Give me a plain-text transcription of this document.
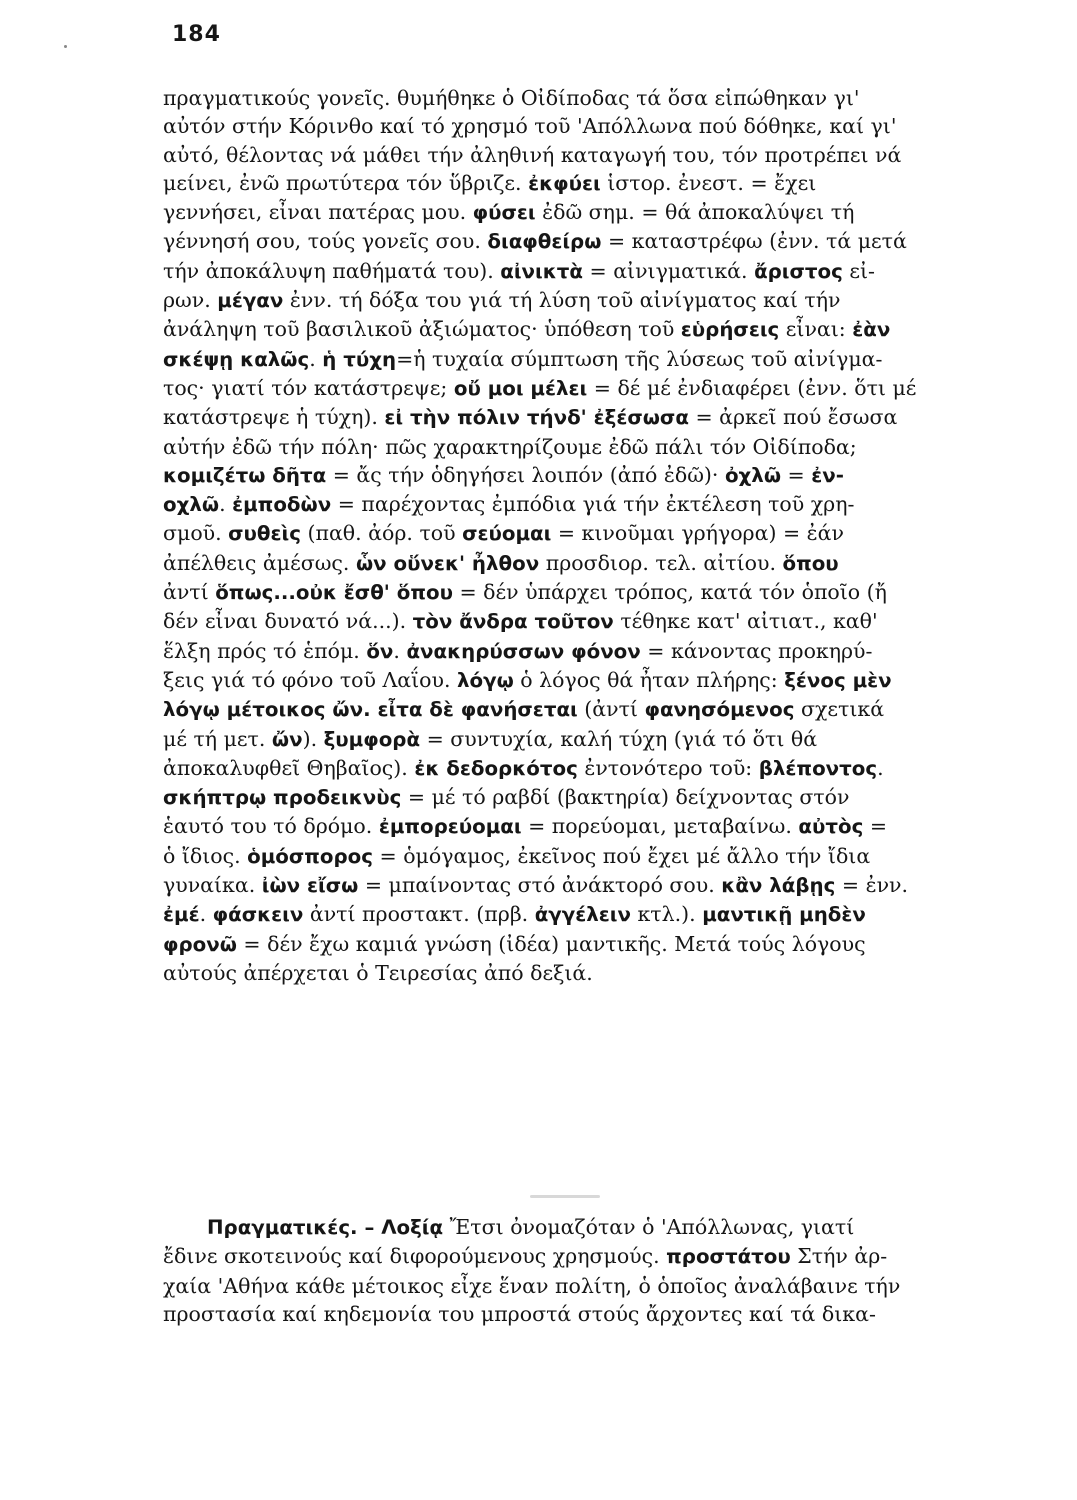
184
πραγματικούς γονεῖς. θυμήθηκε ὁ Οἰδίποδας τά ὅσα εἰπώθηκαν γι'
αὐτόν στήν Κόρινθο καί τό χρησμό τοῦ 'Απόλλωνα πού δόθηκε, καί γι'
αὐτό, θέλοντας νά μάθει τήν ἀληθινή καταγωγή του, τόν προτρέπει νά
μείνει, ἐνῶ πρωτύτερα τόν ὕβριζε. ἐκφύει ἱστορ. ἐνεστ. = ἔχει
γεννήσει, εἶναι πατέρας μου. φύσει ἐδῶ σημ. = θά ἀποκαλύψει τή
γέννησή σου, τούς γονεῖς σου. διαφθείρω = καταστρέφω (ἐνν. τά μετά
τήν ἀποκάλυψη παθήματά του). αἰνικτὰ = αἰνιγματικά. ἄριστος εἰ-
ρων. μέγαν ἐνν. τή δόξα του γιά τή λύση τοῦ αἰνίγματος καί τήν
ἀνάληψη τοῦ βασιλικοῦ ἀξιώματος· ὑπόθεση τοῦ εὑρήσεις εἶναι: ἐὰν
σκέψῃ καλῶς. ἡ τύχη=ἡ τυχαία σύμπτωση τῆς λύσεως τοῦ αἰνίγμα-
τος· γιατί τόν κατάστρεψε; οὔ μοι μέλει = δέ μέ ἐνδιαφέρει (ἐνν. ὅτι μέ
κατάστρεψε ἡ τύχη). εἰ τὴν πόλιν τήνδ' ἐξέσωσα = ἀρκεῖ πού ἔσωσα
αὐτήν ἐδῶ τήν πόλη· πῶς χαρακτηρίζουμε ἐδῶ πάλι τόν Οἰδίποδα;
κομιζέτω δῆτα = ἄς τήν ὁδηγήσει λοιπόν (ἀπό ἐδῶ)· ὀχλῶ = ἐν-
οχλῶ. ἐμποδὼν = παρέχοντας ἐμπόδια γιά τήν ἐκτέλεση τοῦ χρη-
σμοῦ. συθεὶς (παθ. ἀόρ. τοῦ σεύομαι = κινοῦμαι γρήγορα) = ἐάν
ἀπέλθεις ἀμέσως. ὧν οὕνεκ' ἦλθον προσδιορ. τελ. αἰτίου. ὅπου
ἀντί ὅπως...οὐκ ἔσθ' ὅπου = δέν ὑπάρχει τρόπος, κατά τόν ὁποῖο (ἤ
δέν εἶναι δυνατό νά...). τὸν ἄνδρα τοῦτον τέθηκε κατ' αἰτιατ., καθ'
ἕλξη πρός τό ἑπόμ. ὅν. ἀνακηρύσσων φόνον = κάνοντας προκηρύ-
ξεις γιά τό φόνο τοῦ Λαΐου. λόγῳ ὁ λόγος θά ἦταν πλήρης: ξένος μὲν
λόγῳ μέτοικος ὤν. εἶτα δὲ φανήσεται (ἀντί φανησόμενος σχετικά
μέ τή μετ. ὤν). ξυμφορὰ = συντυχία, καλή τύχη (γιά τό ὅτι θά
ἀποκαλυφθεῖ Θηβαῖος). ἐκ δεδορκότος ἐντονότερο τοῦ: βλέποντος.
σκήπτρῳ προδεικνὺς = μέ τό ραβδί (βακτηρία) δείχνοντας στόν
ἑαυτό του τό δρόμο. ἐμπορεύομαι = πορεύομαι, μεταβαίνω. αὐτὸς =
ὁ ἴδιος. ὁμόσπορος = ὁμόγαμος, ἐκεῖνος πού ἔχει μέ ἄλλο τήν ἴδια
γυναίκα. ἰὼν εἴσω = μπαίνοντας στό ἀνάκτορό σου. κἂν λάβῃς = ἐνν.
ἐμέ. φάσκειν ἀντί προστακτ. (πρβ. ἀγγέλειν κτλ.). μαντικῇ μηδὲν
φρονῶ = δέν ἔχω καμιά γνώση (ἰδέα) μαντικῆς. Μετά τούς λόγους
αὐτούς ἀπέρχεται ὁ Τειρεσίας ἀπό δεξιά.
Πραγματικές. – Λοξίᾳ Ἔτσι ὀνομαζόταν ὁ 'Απόλλωνας, γιατί
ἔδινε σκοτεινούς καί διφορούμενους χρησμούς. προστάτου Στήν ἀρ-
χαία 'Αθήνα κάθε μέτοικος εἶχε ἕναν πολίτη, ὁ ὁποῖος ἀναλάβαινε τήν
προστασία καί κηδεμονία του μπροστά στούς ἄρχοντες καί τά δικα-
